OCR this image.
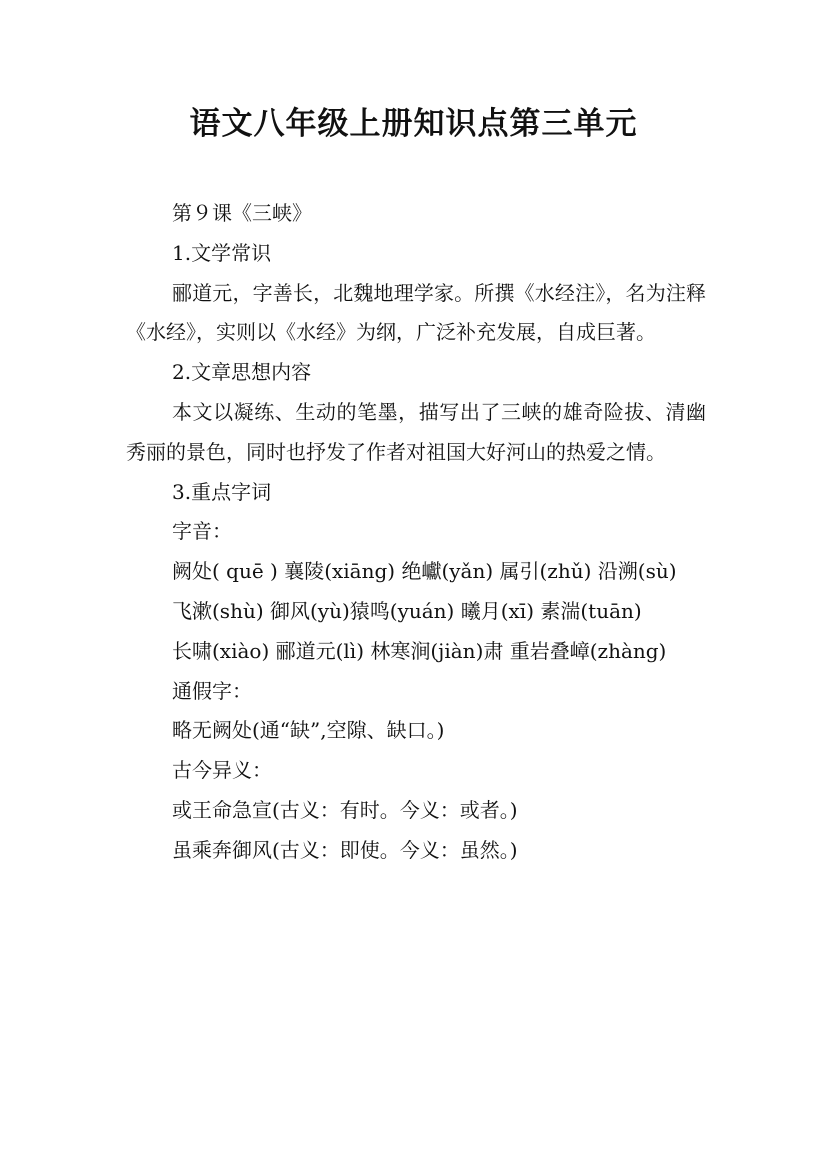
语文八年级上册知识点第三单元

第９课《三峡》

1.文学常识

郦道元，字善长，北魏地理学家。所撰《水经注》，名为注释《水经》，实则以《水经》为纲，广泛补充发展，自成巨著。

2.文章思想内容

本文以凝练、生动的笔墨，描写出了三峡的雄奇险拔、清幽秀丽的景色，同时也抒发了作者对祖国大好河山的热爱之情。

3.重点字词

字音：

阙处( quē ) 襄陵(xiāng) 绝巘(yǎn) 属引(zhǔ) 沿溯(sù)

飞漱(shù) 御风(yù)猿鸣(yuán) 曦月(xī) 素湍(tuān)

长啸(xiào) 郦道元(lì) 林寒涧(jiàn)肃 重岩叠嶂(zhàng)

通假字：

略无阙处(通“缺”,空隙、缺口。)

古今异义：

或王命急宣(古义：有时。今义：或者。)

虽乘奔御风(古义：即使。今义：虽然。)
